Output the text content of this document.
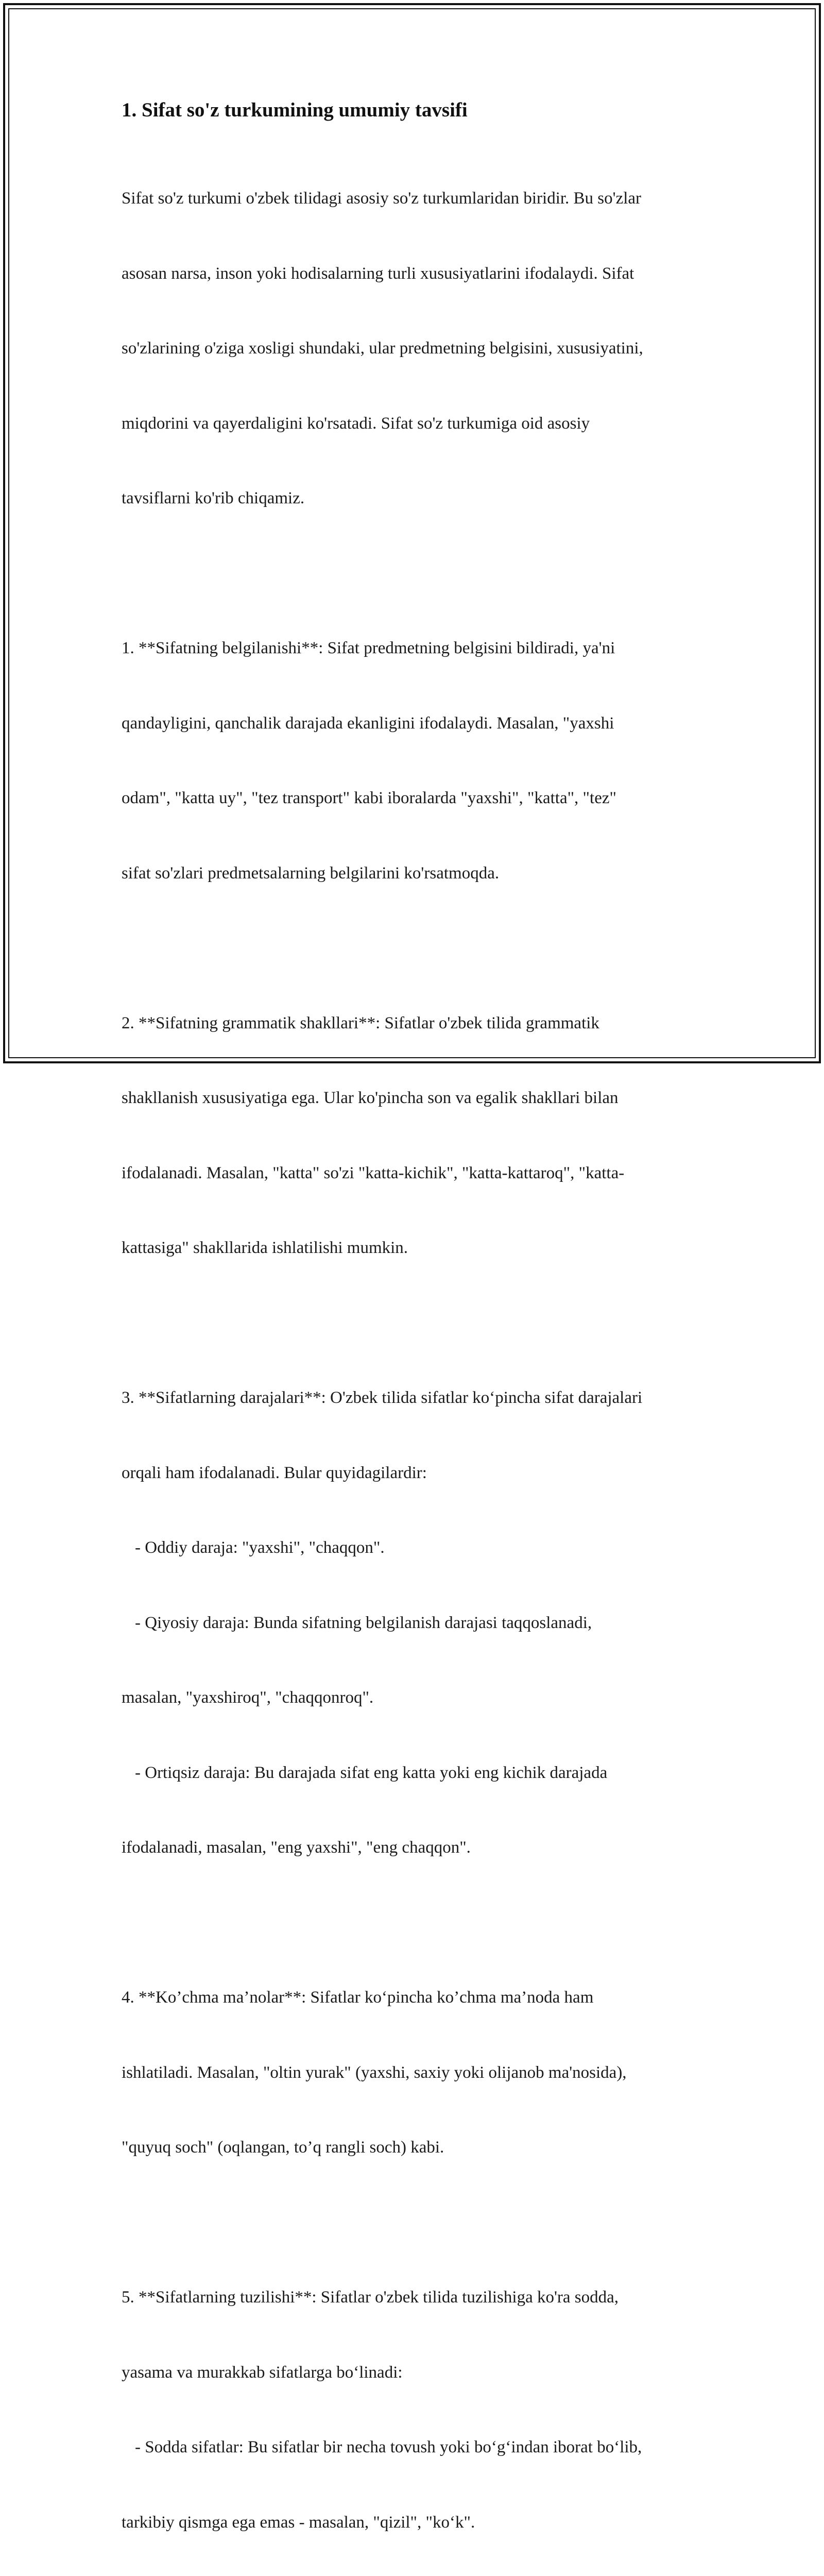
1. Sifat so'z turkumining umumiy tavsifi

Sifat so'z turkumi o'zbek tilidagi asosiy so'z turkumlaridan biridir. Bu so'zlar

asosan narsa, inson yoki hodisalarning turli xususiyatlarini ifodalaydi. Sifat

so'zlarining o'ziga xosligi shundaki, ular predmetning belgisini, xususiyatini,

miqdorini va qayerdaligini ko'rsatadi. Sifat so'z turkumiga oid asosiy

tavsiflarni ko'rib chiqamiz.

1. **Sifatning belgilanishi**: Sifat predmetning belgisini bildiradi, ya'ni

qandayligini, qanchalik darajada ekanligini ifodalaydi. Masalan, "yaxshi

odam", "katta uy", "tez transport" kabi iboralarda "yaxshi", "katta", "tez"

sifat so'zlari predmetsalarning belgilarini ko'rsatmoqda.

2. **Sifatning grammatik shakllari**: Sifatlar o'zbek tilida grammatik

shakllanish xususiyatiga ega. Ular ko'pincha son va egalik shakllari bilan

ifodalanadi. Masalan, "katta" so'zi "katta-kichik", "katta-kattaroq", "katta-

kattasiga" shakllarida ishlatilishi mumkin.

3. **Sifatlarning darajalari**: O'zbek tilida sifatlar ko‘pincha sifat darajalari

orqali ham ifodalanadi. Bular quyidagilardir:

- Oddiy daraja: "yaxshi", "chaqqon".

- Qiyosiy daraja: Bunda sifatning belgilanish darajasi taqqoslanadi,

masalan, "yaxshiroq", "chaqqonroq".

- Ortiqsiz daraja: Bu darajada sifat eng katta yoki eng kichik darajada

ifodalanadi, masalan, "eng yaxshi", "eng chaqqon".

4. **Ko’chma ma’nolar**: Sifatlar ko‘pincha ko’chma ma’noda ham

ishlatiladi. Masalan, "oltin yurak" (yaxshi, saxiy yoki olijanob ma'nosida),

"quyuq soch" (oqlangan, to’q rangli soch) kabi.

5. **Sifatlarning tuzilishi**: Sifatlar o'zbek tilida tuzilishiga ko'ra sodda,

yasama va murakkab sifatlarga bo‘linadi:

- Sodda sifatlar: Bu sifatlar bir necha tovush yoki bo‘g‘indan iborat bo‘lib,

tarkibiy qismga ega emas - masalan, "qizil", "ko‘k".
